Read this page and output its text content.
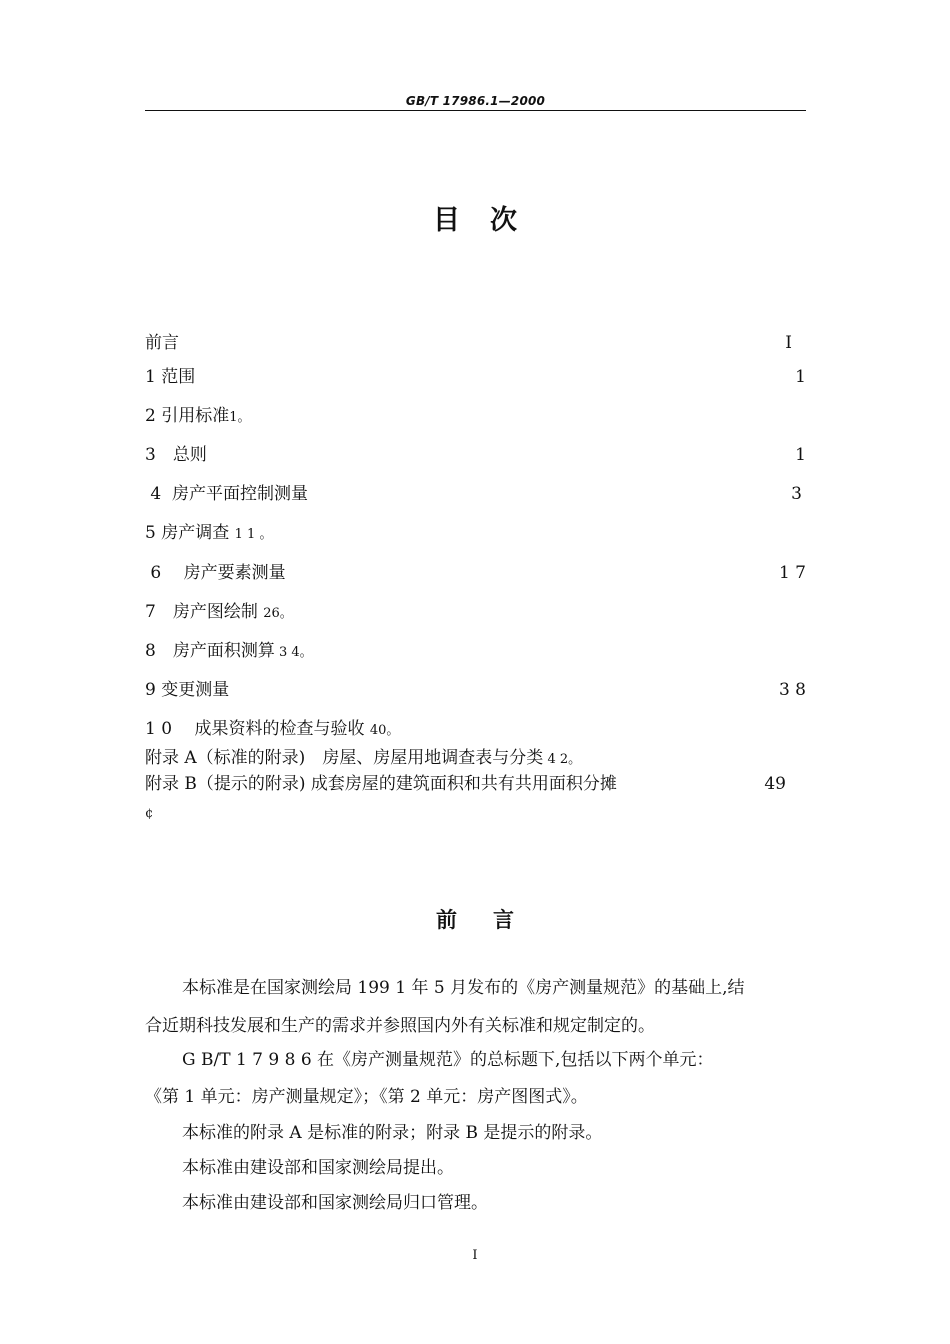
GB/T 17986.1—2000
目次
前言	I
1 范围	1
2 引用标准1。
3　总则	1
4  房产平面控制测量	3
5 房产调查 1 1 。
6　 房产要素测量	1 7
7　房产图绘制 26。
8　房产面积测算 3 4。
9 变更测量	3 8
1 0　 成果资料的检查与验收 40。
附录 A（标准的附录)　房屋、房屋用地调查表与分类 4 2。
附录 B（提示的附录) 成套房屋的建筑面积和共有共用面积分摊	49
¢
前言
本标准是在国家测绘局 199 1 年 5 月发布的《房产测量规范》的基础上,结
合近期科技发展和生产的需求并参照国内外有关标准和规定制定的。
G B/T 1 7 9 8 6 在《房产测量规范》的总标题下,包括以下两个单元：
《第 1 单元：房产测量规定》；《第 2 单元：房产图图式》。
本标准的附录 A 是标准的附录；附录 B 是提示的附录。
本标准由建设部和国家测绘局提出。
本标准由建设部和国家测绘局归口管理。
I
